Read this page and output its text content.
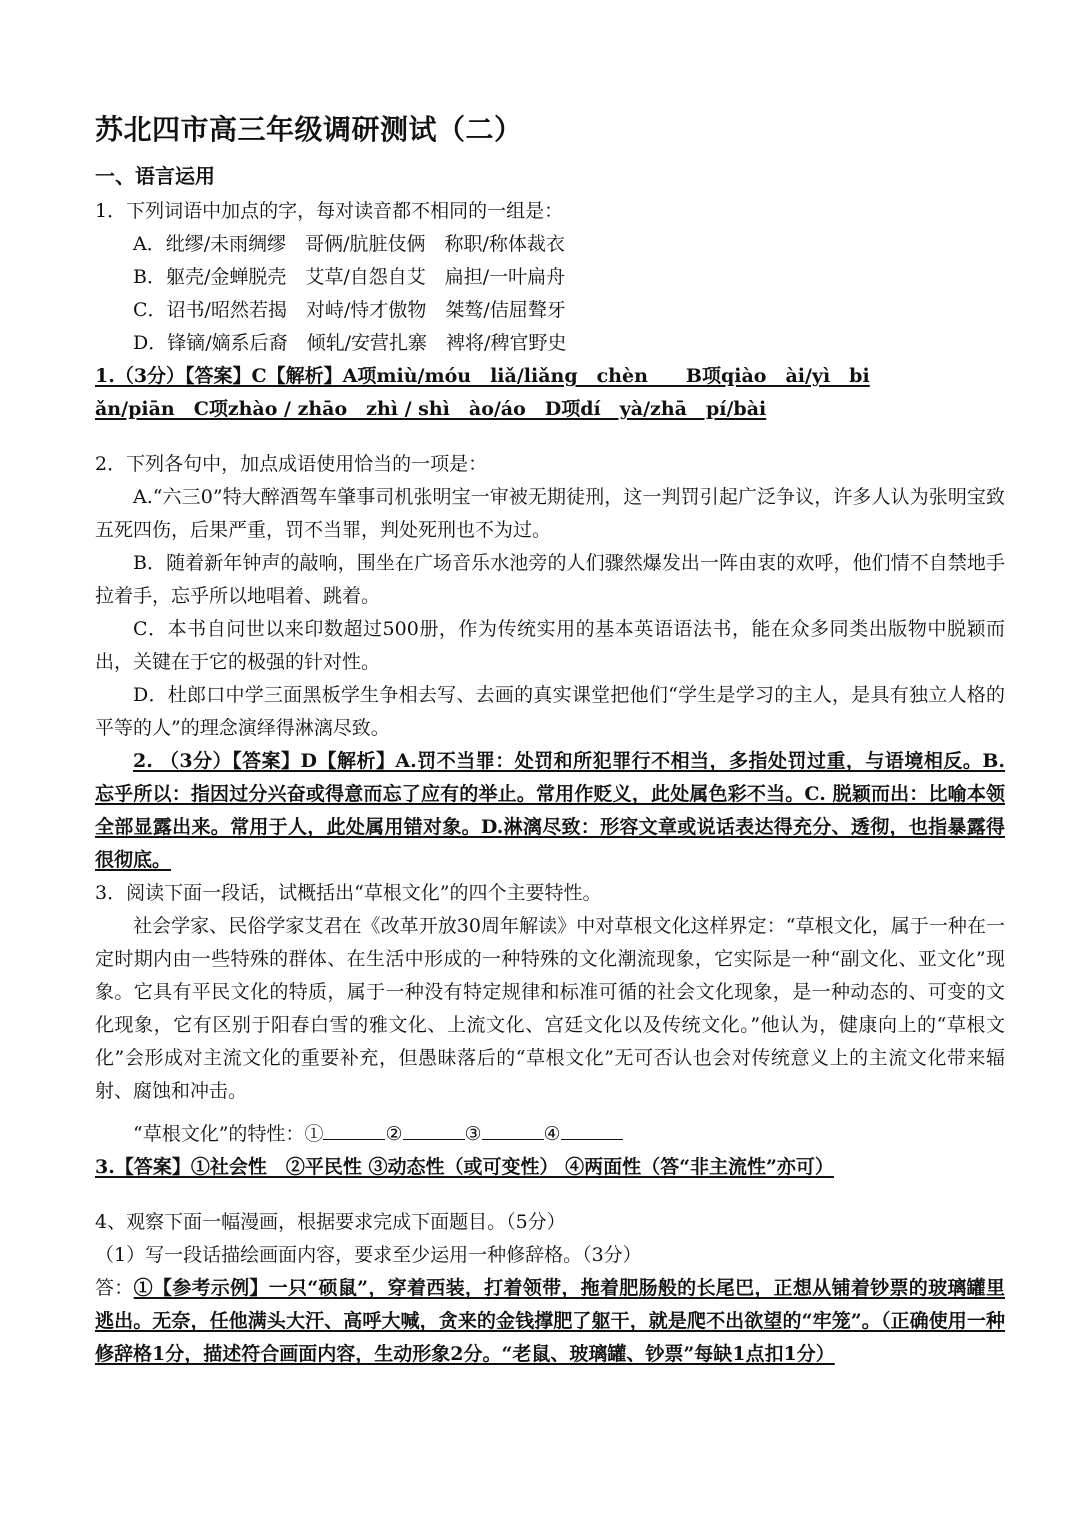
苏北四市高三年级调研测试（二）
一、语言运用
1．下列词语中加点的字，每对读音都不相同的一组是：
A．纰缪/未雨绸缪　哥俩/肮脏伎俩　称职/称体裁衣
B．躯壳/金蝉脱壳　艾草/自怨自艾　扁担/一叶扁舟
C．诏书/昭然若揭　对峙/恃才傲物　桀骜/佶屈聱牙
D．锋镝/嫡系后裔　倾轧/安营扎寨　裨将/稗官野史
1.（3分）【答案】C【解析】A项miù/móu　liǎ/liǎng　chèn　　B项qiào　ài/yì　bi
ǎn/piān　C项zhào / zhāo　zhì / shì　ào/áo　D项dí　yà/zhā　pí/bài
2．下列各句中，加点成语使用恰当的一项是：
A.“六三0”特大醉酒驾车肇事司机张明宝一审被无期徒刑，这一判罚引起广泛争议，许多人认为张明宝致五死四伤，后果严重，罚不当罪，判处死刑也不为过。
B．随着新年钟声的敲响，围坐在广场音乐水池旁的人们骤然爆发出一阵由衷的欢呼，他们情不自禁地手拉着手，忘乎所以地唱着、跳着。
C．本书自问世以来印数超过500册，作为传统实用的基本英语语法书，能在众多同类出版物中脱颖而出，关键在于它的极强的针对性。
D．杜郎口中学三面黑板学生争相去写、去画的真实课堂把他们“学生是学习的主人，是具有独立人格的平等的人”的理念演绎得淋漓尽致。
2. （3分）【答案】D【解析】A.罚不当罪：处罚和所犯罪行不相当，多指处罚过重，与语境相反。B. 忘乎所以：指因过分兴奋或得意而忘了应有的举止。常用作贬义，此处属色彩不当。C. 脱颖而出：比喻本领全部显露出来。常用于人，此处属用错对象。D.淋漓尽致：形容文章或说话表达得充分、透彻，也指暴露得很彻底。
3．阅读下面一段话，试概括出“草根文化”的四个主要特性。
社会学家、民俗学家艾君在《改革开放30周年解读》中对草根文化这样界定：“草根文化，属于一种在一定时期内由一些特殊的群体、在生活中形成的一种特殊的文化潮流现象，它实际是一种“副文化、亚文化”现象。它具有平民文化的特质，属于一种没有特定规律和标准可循的社会文化现象，是一种动态的、可变的文化现象，它有区别于阳春白雪的雅文化、上流文化、宫廷文化以及传统文化。”他认为，健康向上的“草根文化”会形成对主流文化的重要补充，但愚昧落后的“草根文化”无可否认也会对传统意义上的主流文化带来辐射、腐蚀和冲击。
“草根文化”的特性：①	②	③	④
3.【答案】①社会性　②平民性 ③动态性（或可变性） ④两面性（答“非主流性”亦可）
4、观察下面一幅漫画，根据要求完成下面题目。（5分）
（1）写一段话描绘画面内容，要求至少运用一种修辞格。（3分）
答：①【参考示例】一只“硕鼠”，穿着西装，打着领带，拖着肥肠般的长尾巴，正想从铺着钞票的玻璃罐里逃出。无奈，任他满头大汗、高呼大喊，贪来的金钱撑肥了躯干，就是爬不出欲望的“牢笼”。（正确使用一种修辞格1分，描述符合画面内容，生动形象2分。“老鼠、玻璃罐、钞票”每缺1点扣1分）
